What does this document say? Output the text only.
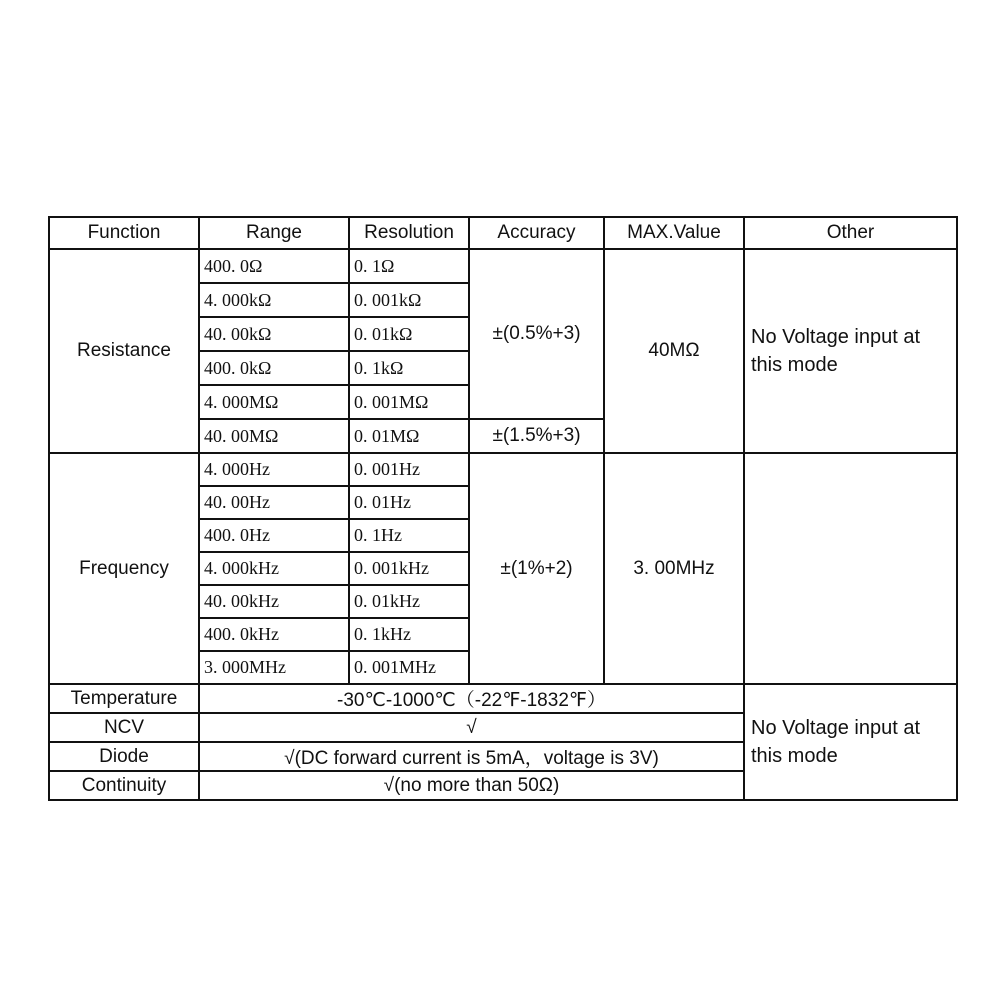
Function	Range	Resolution	Accuracy	MAX.Value	Other
Resistance	400. 0Ω	0. 1Ω	±(0.5%+3)	40MΩ	No Voltage input at this mode
	4. 000kΩ	0. 001kΩ			
	40. 00kΩ	0. 01kΩ			
	400. 0kΩ	0. 1kΩ			
	4. 000MΩ	0. 001MΩ			
	40. 00MΩ	0. 01MΩ	±(1.5%+3)		
Frequency	4. 000Hz	0. 001Hz	±(1%+2)	3. 00MHz	
	40. 00Hz	0. 01Hz			
	400. 0Hz	0. 1Hz			
	4. 000kHz	0. 001kHz			
	40. 00kHz	0. 01kHz			
	400. 0kHz	0. 1kHz			
	3. 000MHz	0. 001MHz			
Temperature	-30℃-1000℃（-22℉-1832℉）				No Voltage input at this mode
NCV	√				
Diode	√(DC forward current is 5mA，voltage is 3V)				
Continuity	√(no more than 50Ω)				
